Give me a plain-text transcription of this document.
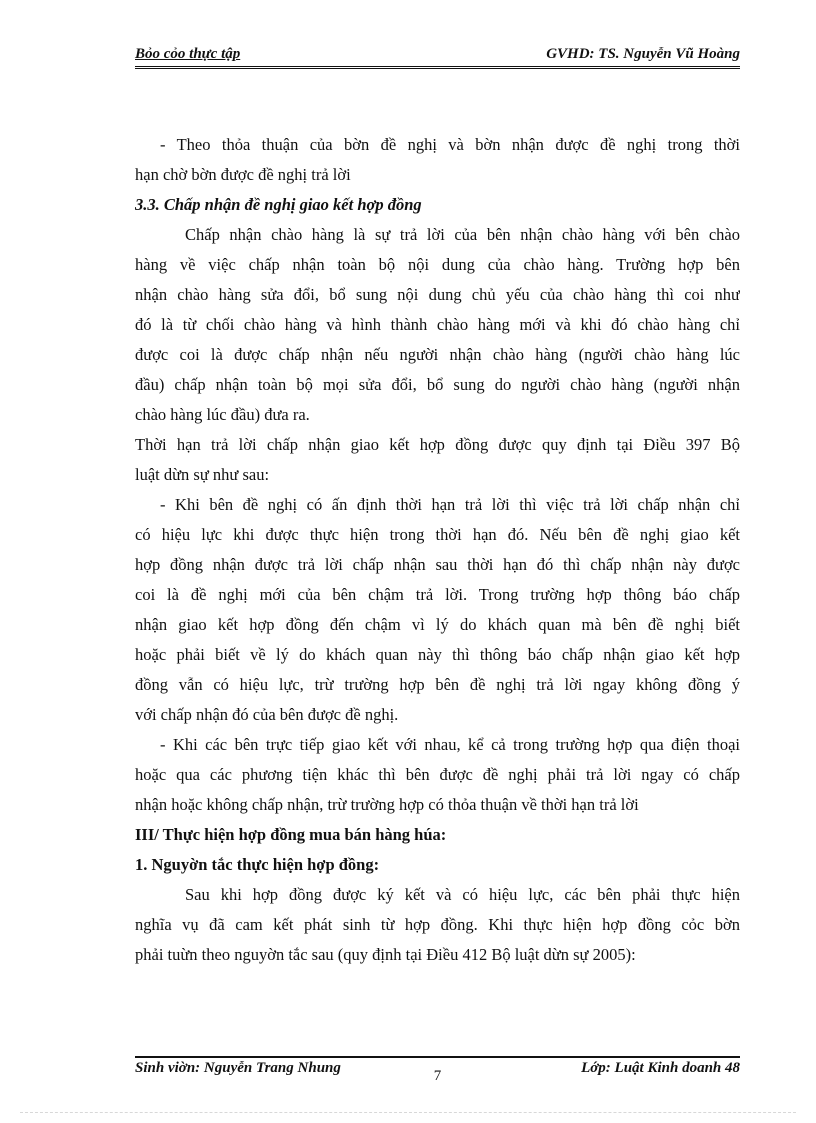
Bỏo cỏo thực tập	GVHD: TS. Nguyễn Vũ Hoàng
- Theo thỏa thuận của bờn đề nghị và bờn nhận được đề nghị trong thời
hạn chờ bờn được đề nghị trả lời
3.3. Chấp nhận đề nghị giao kết hợp đồng
Chấp nhận chào hàng là sự trả lời của bên nhận chào hàng với bên chào
hàng về việc chấp nhận toàn bộ nội dung của chào hàng. Trường hợp bên
nhận chào hàng sửa đổi, bổ sung nội dung chủ yếu của chào hàng thì coi như
đó là từ chối chào hàng và hình thành chào hàng mới và khi đó chào hàng chỉ
được coi là được chấp nhận nếu người nhận chào hàng (người chào hàng lúc
đầu) chấp nhận toàn bộ mọi sửa đổi, bổ sung do người chào hàng (người nhận
chào hàng lúc đầu) đưa ra.
Thời hạn trả lời chấp nhận giao kết hợp đồng được quy định tại Điều 397 Bộ
luật dừn sự như sau:
- Khi bên đề nghị có ấn định thời hạn trả lời thì việc trả lời chấp nhận chỉ
có hiệu lực khi được thực hiện trong thời hạn đó. Nếu bên đề nghị giao kết
hợp đồng nhận được trả lời chấp nhận sau thời hạn đó thì chấp nhận này được
coi là đề nghị mới của bên chậm trả lời. Trong trường hợp thông báo chấp
nhận giao kết hợp đồng đến chậm vì lý do khách quan mà bên đề nghị biết
hoặc phải biết về lý do khách quan này thì thông báo chấp nhận giao kết hợp
đồng vẫn có hiệu lực, trừ trường hợp bên đề nghị trả lời ngay không đồng ý
với chấp nhận đó của bên được đề nghị.
- Khi các bên trực tiếp giao kết với nhau, kể cả trong trường hợp qua điện thoại
hoặc qua các phương tiện khác thì bên được đề nghị phải trả lời ngay có chấp
nhận hoặc không chấp nhận, trừ trường hợp có thỏa thuận về thời hạn trả lời
III/ Thực hiện hợp đồng mua bán hàng húa:
1. Nguyờn tắc thực hiện hợp đồng:
Sau khi hợp đồng được ký kết và có hiệu lực, các bên phải thực hiện
nghĩa vụ đã cam kết phát sinh từ hợp đồng. Khi thực hiện hợp đồng cỏc bờn
phải tuừn theo nguyờn tắc sau (quy định tại Điều 412 Bộ luật dừn sự 2005):
Sinh viờn: Nguyễn Trang Nhung	7	Lớp: Luật Kinh doanh 48
